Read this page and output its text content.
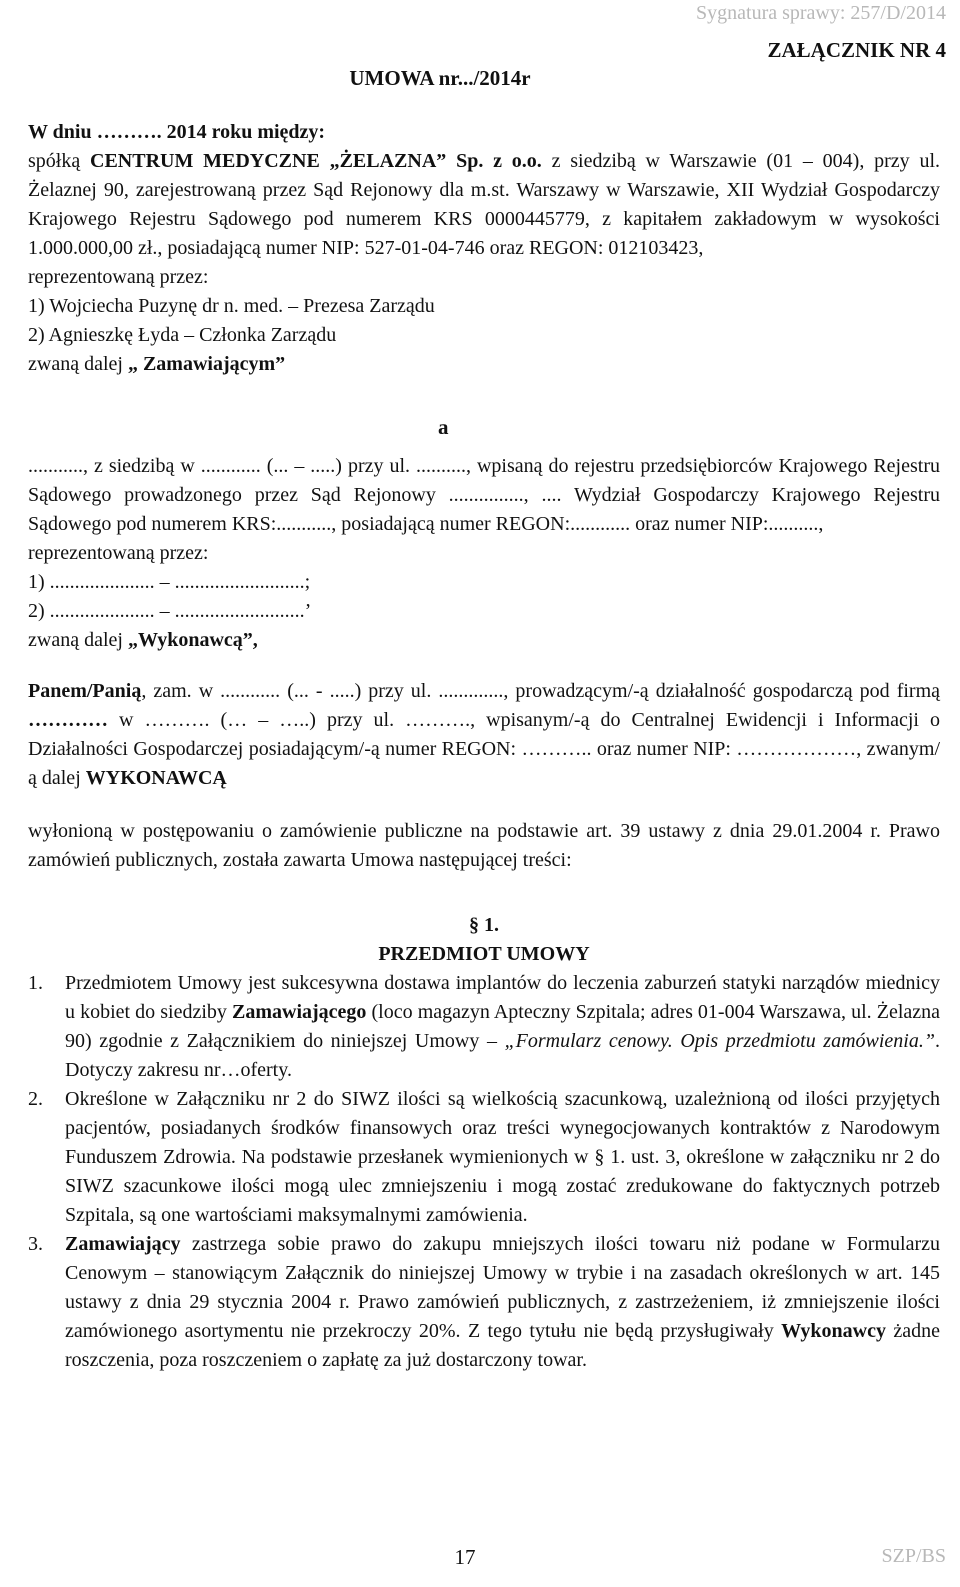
Sygnatura sprawy: 257/D/2014
ZAŁĄCZNIK NR 4
UMOWA nr.../2014r

W dniu ………. 2014 roku między:

spółką CENTRUM MEDYCZNE „ŻELAZNA” Sp. z o.o. z siedzibą w Warszawie (01 – 004), przy ul. Żelaznej 90, zarejestrowaną przez Sąd Rejonowy dla m.st. Warszawy w Warszawie, XII Wydział Gospodarczy Krajowego Rejestru Sądowego pod numerem KRS 0000445779, z kapitałem zakładowym w wysokości 1.000.000,00 zł., posiadającą numer NIP: 527-01-04-746 oraz REGON: 012103423,

reprezentowaną przez:

1) Wojciecha Puzynę dr n. med. – Prezesa Zarządu

2) Agnieszkę Łyda – Członka Zarządu

zwaną dalej „ Zamawiającym”

a

..........., z siedzibą w ............ (... – .....) przy ul. .........., wpisaną do rejestru przedsiębiorców Krajowego Rejestru Sądowego prowadzonego przez Sąd Rejonowy ..............., .... Wydział Gospodarczy Krajowego Rejestru Sądowego pod numerem KRS:..........., posiadającą numer REGON:............ oraz numer NIP:..........,

reprezentowaną przez:

1) ..................... – ..........................;

2) ..................... – ..........................’

zwaną dalej „Wykonawcą”,

Panem/Panią, zam. w ............ (... - .....) przy ul. ............., prowadzącym/-ą działalność gospodarczą pod firmą ………… w ………. (… – …..) przy ul. ………., wpisanym/-ą do Centralnej Ewidencji i Informacji o Działalności Gospodarczej posiadającym/-ą numer REGON: ……….. oraz numer NIP: ………………, zwanym/ą dalej WYKONAWCĄ

wyłonioną w postępowaniu o zamówienie publiczne na podstawie art. 39 ustawy z dnia 29.01.2004 r. Prawo zamówień publicznych, została zawarta Umowa następującej treści:

§ 1.

PRZEDMIOT UMOWY

1. Przedmiotem Umowy jest sukcesywna dostawa implantów do leczenia zaburzeń statyki narządów miednicy u kobiet do siedziby Zamawiającego (loco magazyn Apteczny Szpitala; adres 01-004 Warszawa, ul. Żelazna 90) zgodnie z Załącznikiem do niniejszej Umowy – „Formularz cenowy. Opis przedmiotu zamówienia.”. Dotyczy zakresu nr…oferty.
2. Określone w Załączniku nr 2 do SIWZ ilości są wielkością szacunkową, uzależnioną od ilości przyjętych pacjentów, posiadanych środków finansowych oraz treści wynegocjowanych kontraktów z Narodowym Funduszem Zdrowia. Na podstawie przesłanek wymienionych w § 1. ust. 3, określone w załączniku nr 2 do SIWZ szacunkowe ilości mogą ulec zmniejszeniu i mogą zostać zredukowane do faktycznych potrzeb Szpitala, są one wartościami maksymalnymi zamówienia.
3. Zamawiający zastrzega sobie prawo do zakupu mniejszych ilości towaru niż podane w Formularzu Cenowym – stanowiącym Załącznik do niniejszej Umowy w trybie i na zasadach określonych w art. 145 ustawy z dnia 29 stycznia 2004 r. Prawo zamówień publicznych, z zastrzeżeniem, iż zmniejszenie ilości zamówionego asortymentu nie przekroczy 20%. Z tego tytułu nie będą przysługiwały Wykonawcy żadne roszczenia, poza roszczeniem o zapłatę za już dostarczony towar.
17	SZP/BS
